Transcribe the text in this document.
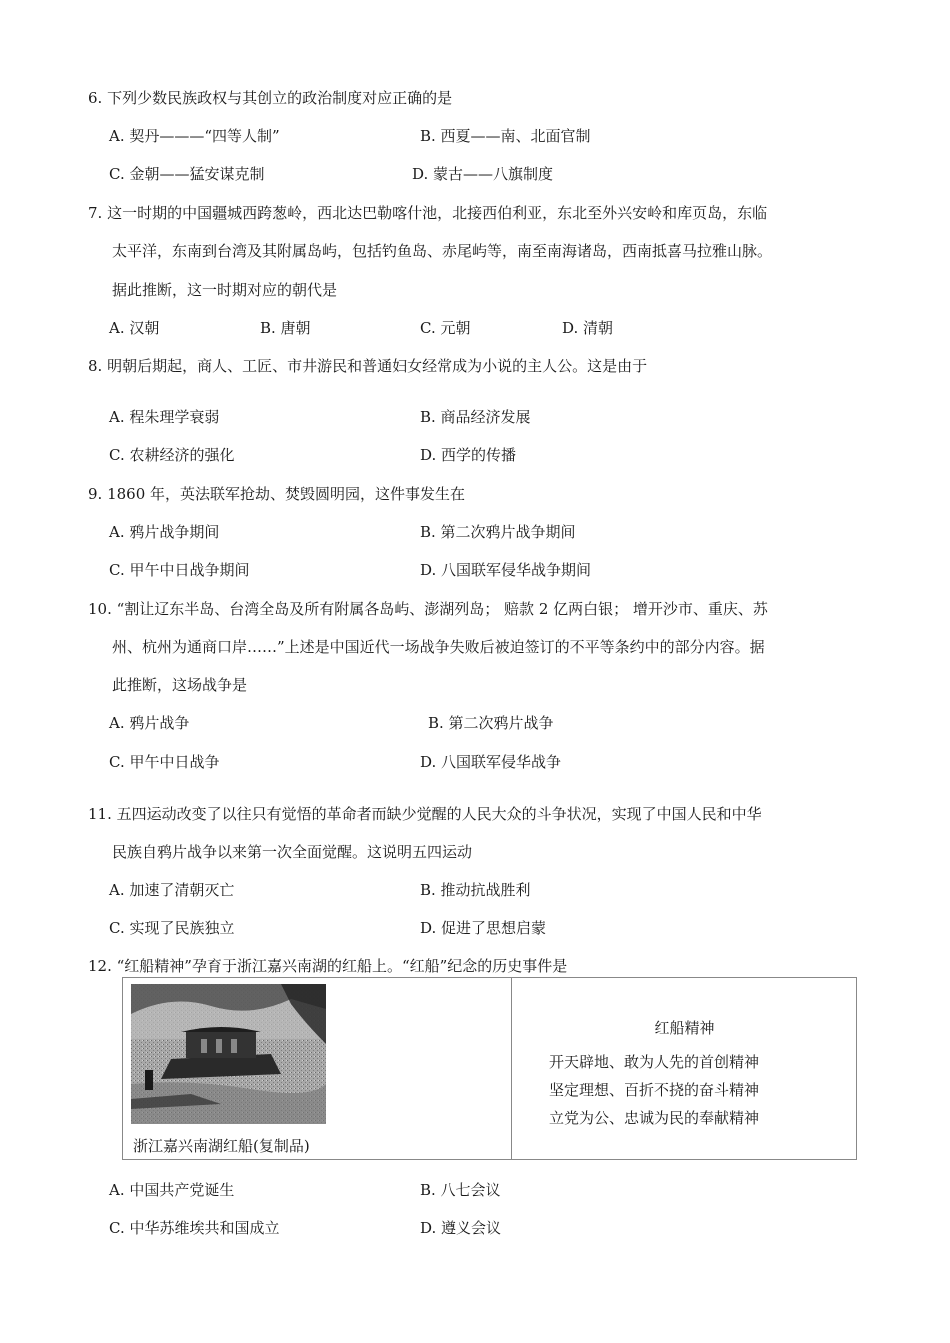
6. 下列少数民族政权与其创立的政治制度对应正确的是
A. 契丹———“四等人制”	B. 西夏——南、北面官制
C. 金朝——猛安谋克制	D. 蒙古——八旗制度
7. 这一时期的中国疆城西跨葱岭，西北达巴勒喀什池，北接西伯利亚，东北至外兴安岭和库页岛，东临
太平洋，东南到台湾及其附属岛屿，包括钓鱼岛、赤尾屿等，南至南海诸岛，西南抵喜马拉雅山脉。
据此推断，这一时期对应的朝代是
A. 汉朝	B. 唐朝	C. 元朝	D. 清朝
8. 明朝后期起，商人、工匠、市井游民和普通妇女经常成为小说的主人公。这是由于
A. 程朱理学衰弱	B. 商品经济发展
C. 农耕经济的强化	D. 西学的传播
9. 1860 年，英法联军抢劫、焚毁圆明园，这件事发生在
A. 鸦片战争期间	B. 第二次鸦片战争期间
C. 甲午中日战争期间	D. 八国联军侵华战争期间
10. “割让辽东半岛、台湾全岛及所有附属各岛屿、澎湖列岛； 赔款 2 亿两白银； 增开沙市、重庆、苏
州、杭州为通商口岸……”上述是中国近代一场战争失败后被迫签订的不平等条约中的部分内容。据
此推断，这场战争是
A. 鸦片战争	B. 第二次鸦片战争
C. 甲午中日战争	D. 八国联军侵华战争
11. 五四运动改变了以往只有觉悟的革命者而缺少觉醒的人民大众的斗争状况，实现了中国人民和中华
民族自鸦片战争以来第一次全面觉醒。这说明五四运动
A. 加速了清朝灭亡	B. 推动抗战胜利
C. 实现了民族独立	D. 促进了思想启蒙
12. “红船精神”孕育于浙江嘉兴南湖的红船上。“红船”纪念的历史事件是
浙江嘉兴南湖红船(复制品)
红船精神
开天辟地、敢为人先的首创精神
坚定理想、百折不挠的奋斗精神
立党为公、忠诚为民的奉献精神
A. 中国共产党诞生	B. 八七会议
C. 中华苏维埃共和国成立	D. 遵义会议
